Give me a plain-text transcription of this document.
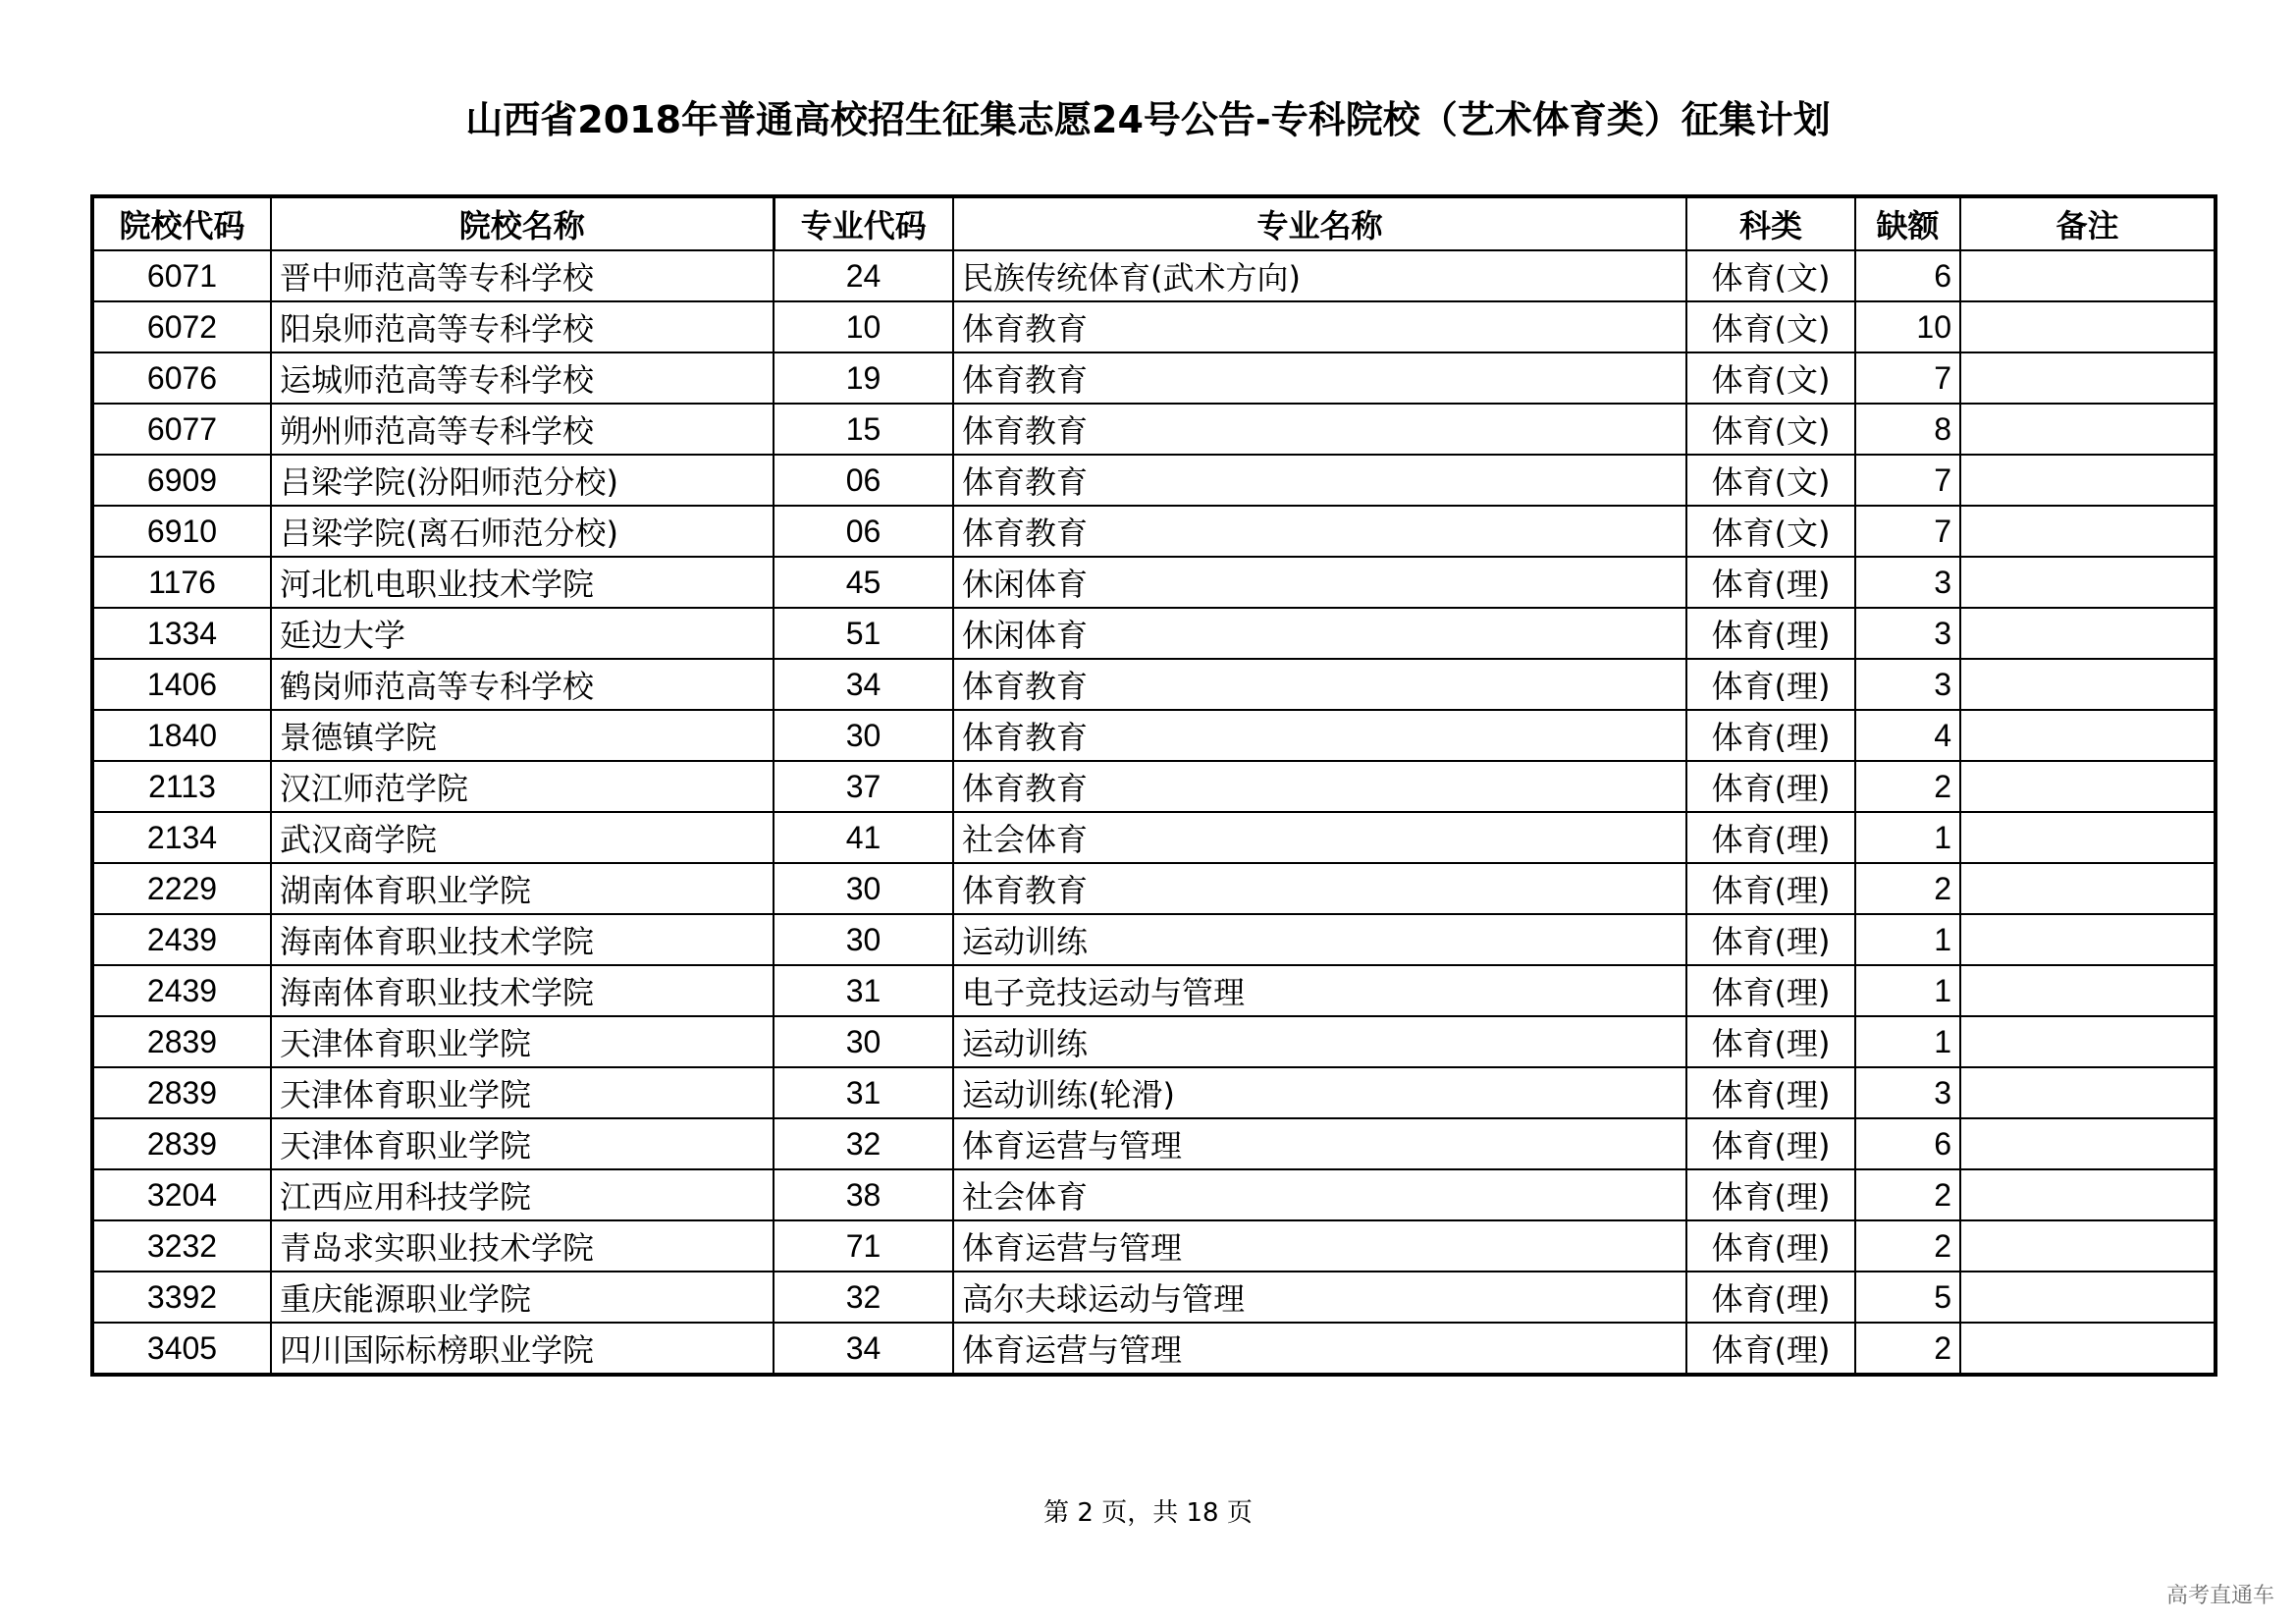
山西省2018年普通高校招生征集志愿24号公告-专科院校（艺术体育类）征集计划
院校代码	院校名称	专业代码	专业名称	科类	缺额	备注
6071	晋中师范高等专科学校	24	民族传统体育(武术方向)	体育(文)	6	
6072	阳泉师范高等专科学校	10	体育教育	体育(文)	10	
6076	运城师范高等专科学校	19	体育教育	体育(文)	7	
6077	朔州师范高等专科学校	15	体育教育	体育(文)	8	
6909	吕梁学院(汾阳师范分校)	06	体育教育	体育(文)	7	
6910	吕梁学院(离石师范分校)	06	体育教育	体育(文)	7	
1176	河北机电职业技术学院	45	休闲体育	体育(理)	3	
1334	延边大学	51	休闲体育	体育(理)	3	
1406	鹤岗师范高等专科学校	34	体育教育	体育(理)	3	
1840	景德镇学院	30	体育教育	体育(理)	4	
2113	汉江师范学院	37	体育教育	体育(理)	2	
2134	武汉商学院	41	社会体育	体育(理)	1	
2229	湖南体育职业学院	30	体育教育	体育(理)	2	
2439	海南体育职业技术学院	30	运动训练	体育(理)	1	
2439	海南体育职业技术学院	31	电子竞技运动与管理	体育(理)	1	
2839	天津体育职业学院	30	运动训练	体育(理)	1	
2839	天津体育职业学院	31	运动训练(轮滑)	体育(理)	3	
2839	天津体育职业学院	32	体育运营与管理	体育(理)	6	
3204	江西应用科技学院	38	社会体育	体育(理)	2	
3232	青岛求实职业技术学院	71	体育运营与管理	体育(理)	2	
3392	重庆能源职业学院	32	高尔夫球运动与管理	体育(理)	5	
3405	四川国际标榜职业学院	34	体育运营与管理	体育(理)	2	
第 2 页，共 18 页
高考直通车
